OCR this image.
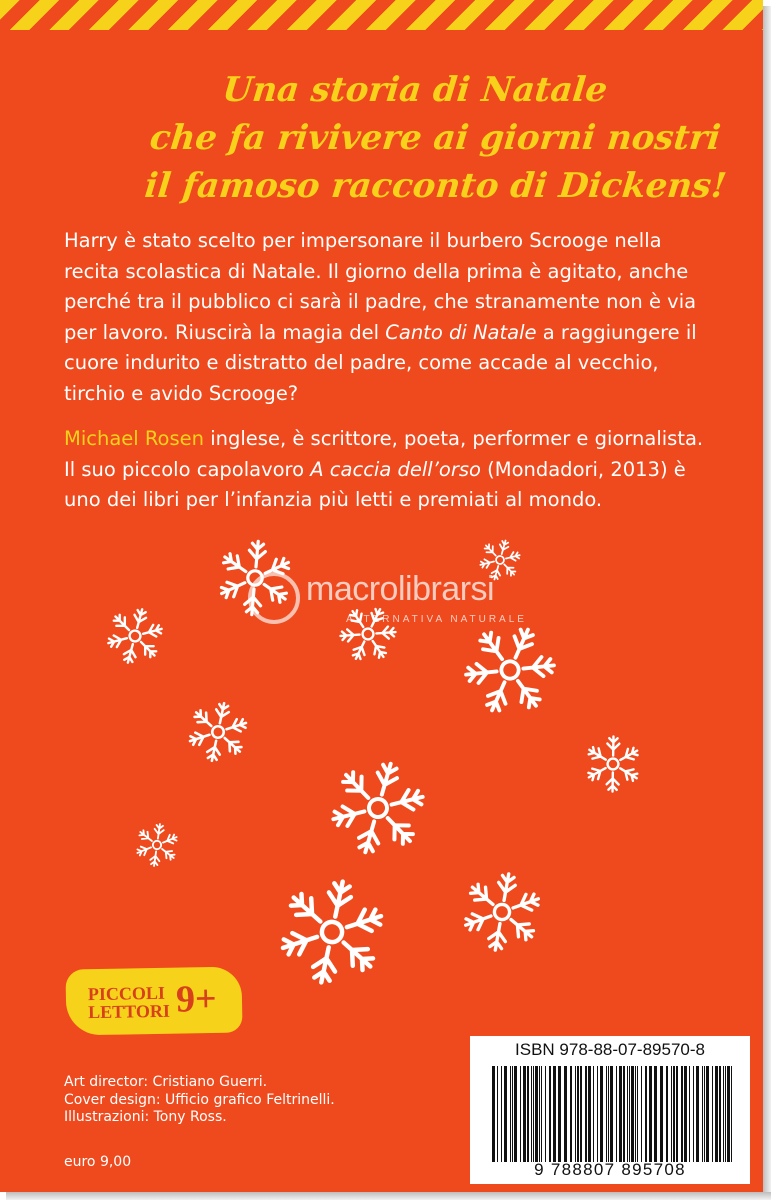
Una storia di Natale
che fa rivivere ai giorni nostri
il famoso racconto di Dickens!

Harry è stato scelto per impersonare il burbero Scrooge nella recita scolastica di Natale. Il giorno della prima è agitato, anche perché tra il pubblico ci sarà il padre, che stranamente non è via per lavoro. Riuscirà la magia del Canto di Natale a raggiungere il cuore indurito e distratto del padre, come accade al vecchio, tirchio e avido Scrooge?

Michael Rosen inglese, è scrittore, poeta, performer e giornalista. Il suo piccolo capolavoro A caccia dell’orso (Mondadori, 2013) è uno dei libri per l’infanzia più letti e premiati al mondo.
macrolibrarsi
ALTERNATIVA NATURALE
PICCOLI
LETTORI 9+
Art director: Cristiano Guerri.
Cover design: Ufficio grafico Feltrinelli.
Illustrazioni: Tony Ross.
euro 9,00
ISBN 978-88-07-89570-8
9 788807 895708
